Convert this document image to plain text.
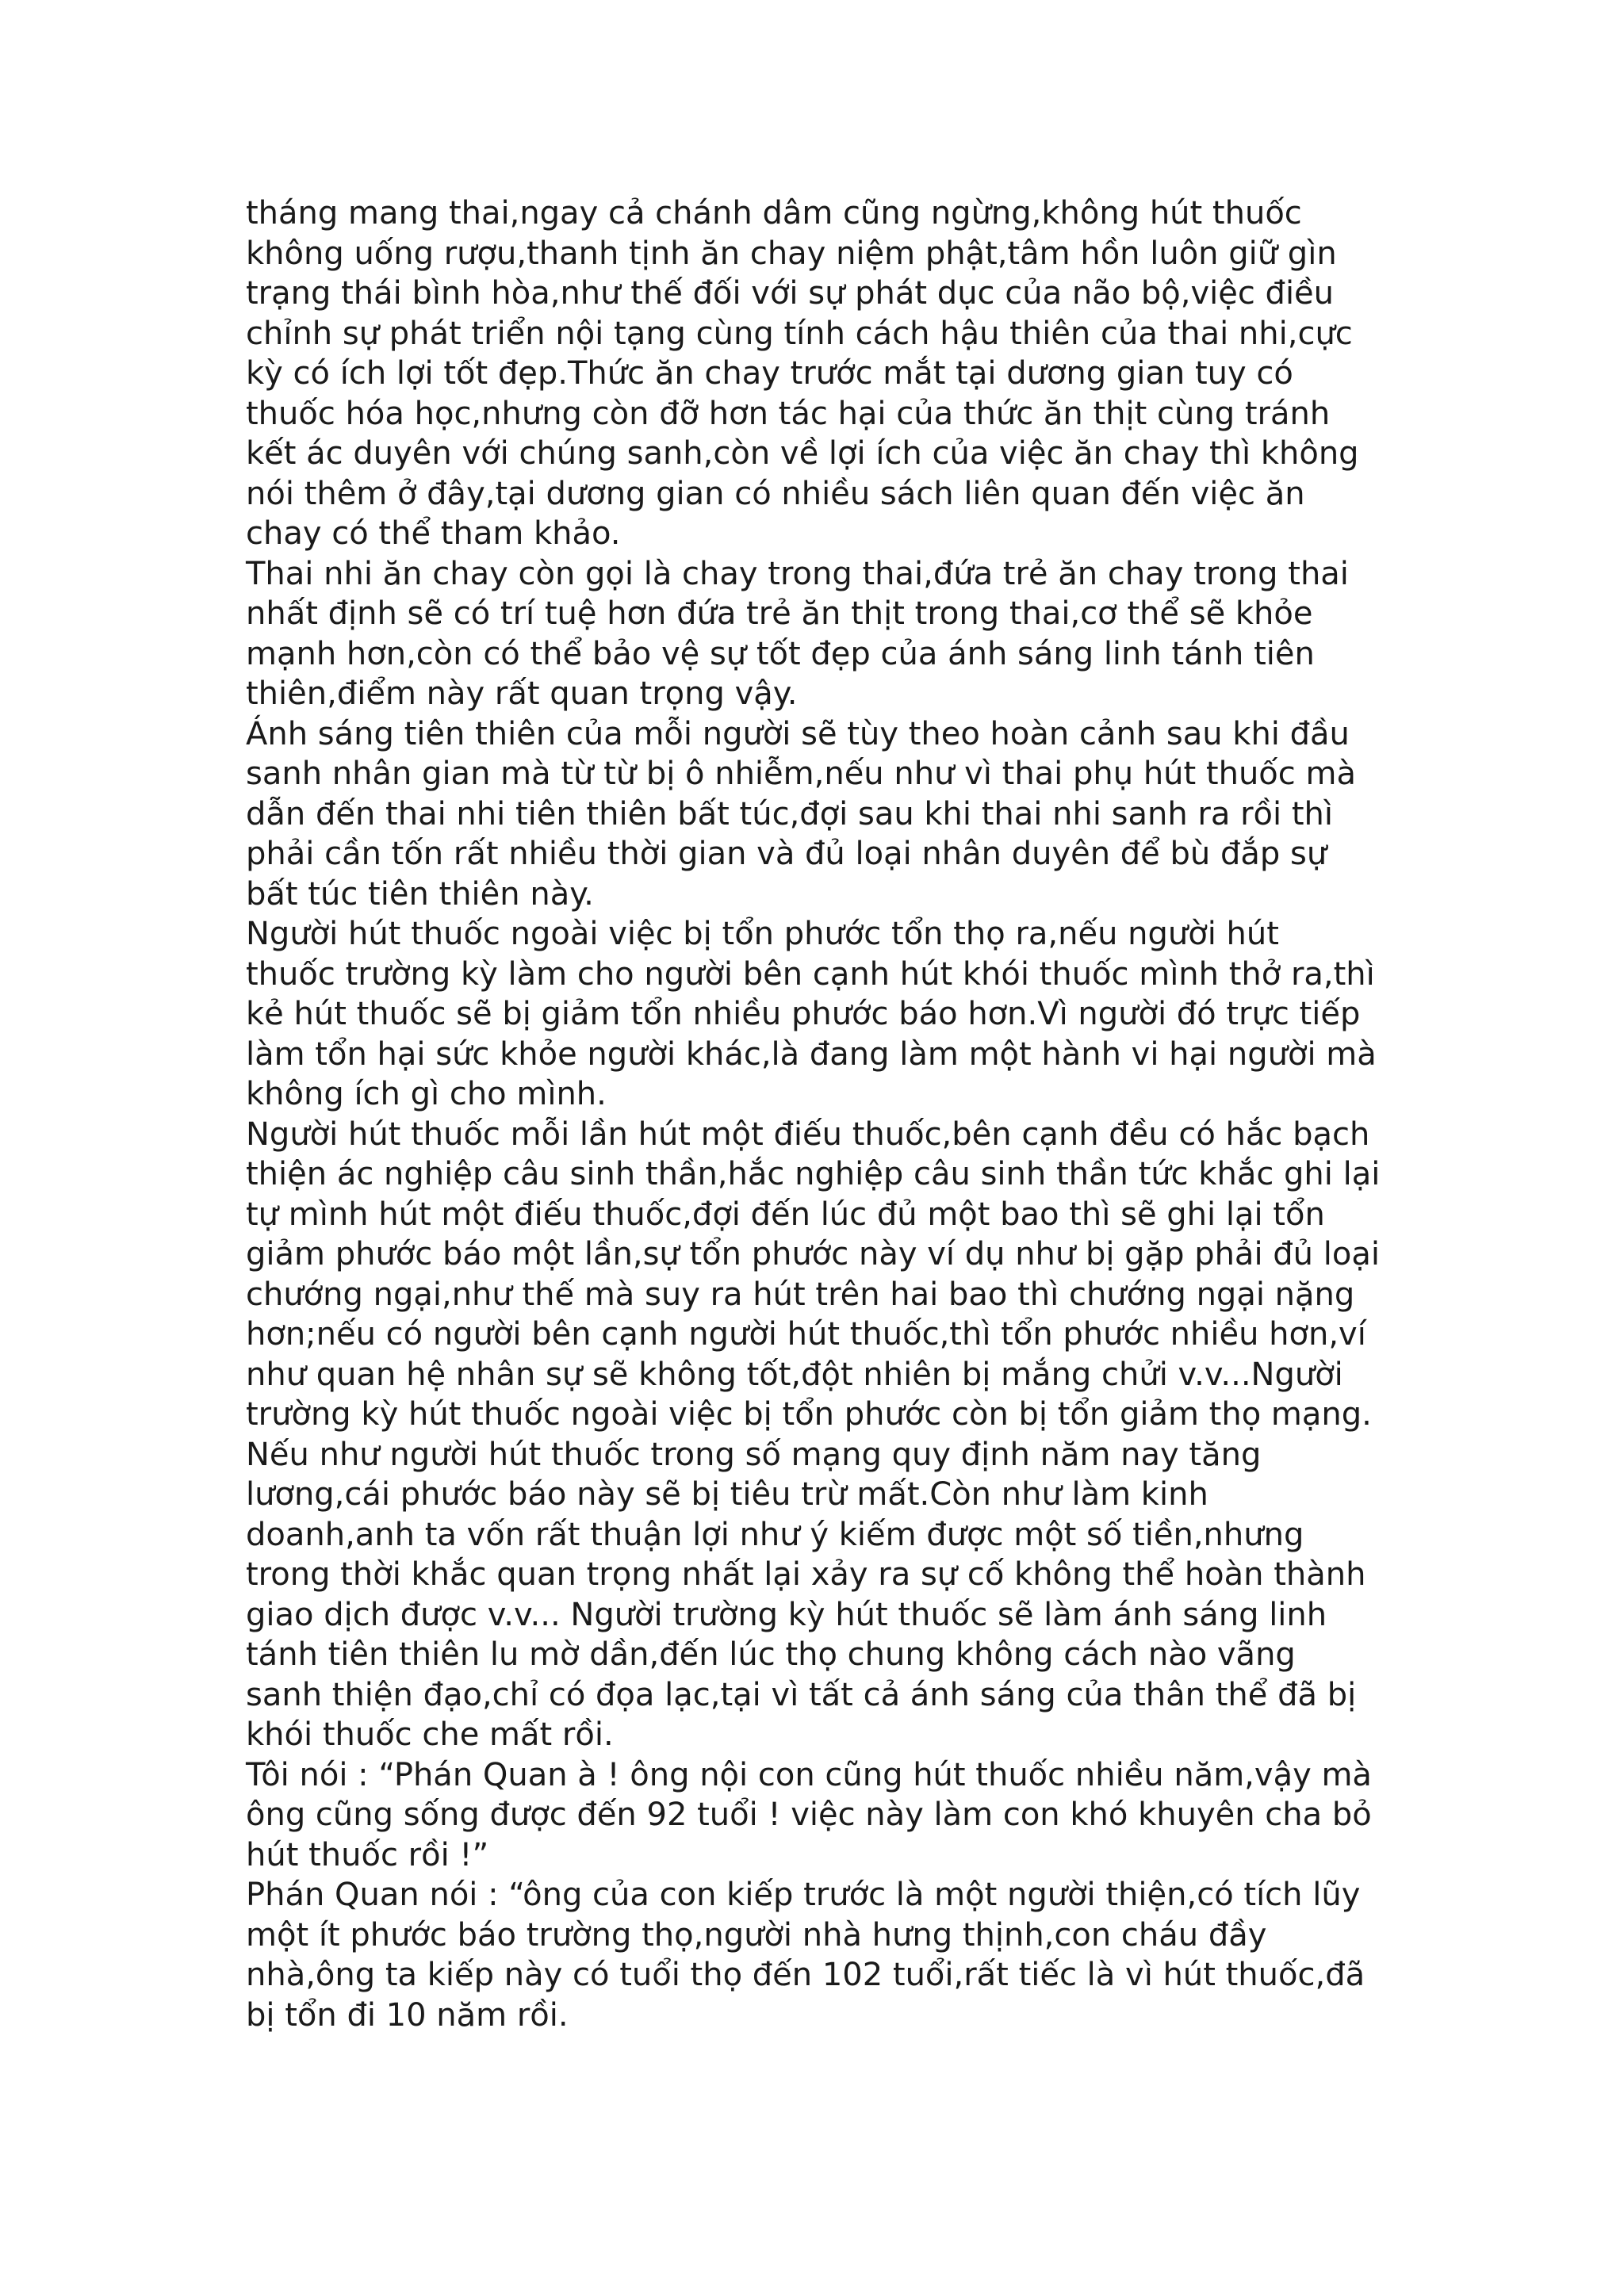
tháng mang thai,ngay cả chánh dâm cũng ngừng,không hút thuốc
không uống rượu,thanh tịnh ăn chay niệm phật,tâm hồn luôn giữ gìn
trạng thái bình hòa,như thế đối với sự phát dục của não bộ,việc điều
chỉnh sự phát triển nội tạng cùng tính cách hậu thiên của thai nhi,cực
kỳ có ích lợi tốt đẹp.Thức ăn chay trước mắt tại dương gian tuy có
thuốc hóa học,nhưng còn đỡ hơn tác hại của thức ăn thịt cùng tránh
kết ác duyên với chúng sanh,còn về lợi ích của việc ăn chay thì không
nói thêm ở đây,tại dương gian có nhiều sách liên quan đến việc ăn
chay có thể tham khảo.
Thai nhi ăn chay còn gọi là chay trong thai,đứa trẻ ăn chay trong thai
nhất định sẽ có trí tuệ hơn đứa trẻ ăn thịt trong thai,cơ thể sẽ khỏe
mạnh hơn,còn có thể bảo vệ sự tốt đẹp của ánh sáng linh tánh tiên
thiên,điểm này rất quan trọng vậy.
Ánh sáng tiên thiên của mỗi người sẽ tùy theo hoàn cảnh sau khi đầu
sanh nhân gian mà từ từ bị ô nhiễm,nếu như vì thai phụ hút thuốc mà
dẫn đến thai nhi tiên thiên bất túc,đợi sau khi thai nhi sanh ra rồi thì
phải cần tốn rất nhiều thời gian và đủ loại nhân duyên để bù đắp sự
bất túc tiên thiên này.
Người hút thuốc ngoài việc bị tổn phước tổn thọ ra,nếu người hút
thuốc trường kỳ làm cho người bên cạnh hút khói thuốc mình thở ra,thì
kẻ hút thuốc sẽ bị giảm tổn nhiều phước báo hơn.Vì người đó trực tiếp
làm tổn hại sức khỏe người khác,là đang làm một hành vi hại người mà
không ích gì cho mình.
Người hút thuốc mỗi lần hút một điếu thuốc,bên cạnh đều có hắc bạch
thiện ác nghiệp câu sinh thần,hắc nghiệp câu sinh thần tức khắc ghi lại
tự mình hút một điếu thuốc,đợi đến lúc đủ một bao thì sẽ ghi lại tổn
giảm phước báo một lần,sự tổn phước này ví dụ như bị gặp phải đủ loại
chướng ngại,như thế mà suy ra hút trên hai bao thì chướng ngại nặng
hơn;nếu có người bên cạnh người hút thuốc,thì tổn phước nhiều hơn,ví
như quan hệ nhân sự sẽ không tốt,đột nhiên bị mắng chửi v.v...Người
trường kỳ hút thuốc ngoài việc bị tổn phước còn bị tổn giảm thọ mạng.
Nếu như người hút thuốc trong số mạng quy định năm nay tăng
lương,cái phước báo này sẽ bị tiêu trừ mất.Còn như làm kinh
doanh,anh ta vốn rất thuận lợi như ý kiếm được một số tiền,nhưng
trong thời khắc quan trọng nhất lại xảy ra sự cố không thể hoàn thành
giao dịch được v.v... Người trường kỳ hút thuốc sẽ làm ánh sáng linh
tánh tiên thiên lu mờ dần,đến lúc thọ chung không cách nào vãng
sanh thiện đạo,chỉ có đọa lạc,tại vì tất cả ánh sáng của thân thể đã bị
khói thuốc che mất rồi.
Tôi nói : “Phán Quan à ! ông nội con cũng hút thuốc nhiều năm,vậy mà
ông cũng sống được đến 92 tuổi ! việc này làm con khó khuyên cha bỏ
hút thuốc rồi !”
Phán Quan nói : “ông của con kiếp trước là một người thiện,có tích lũy
một ít phước báo trường thọ,người nhà hưng thịnh,con cháu đầy
nhà,ông ta kiếp này có tuổi thọ đến 102 tuổi,rất tiếc là vì hút thuốc,đã
bị tổn đi 10 năm rồi.
